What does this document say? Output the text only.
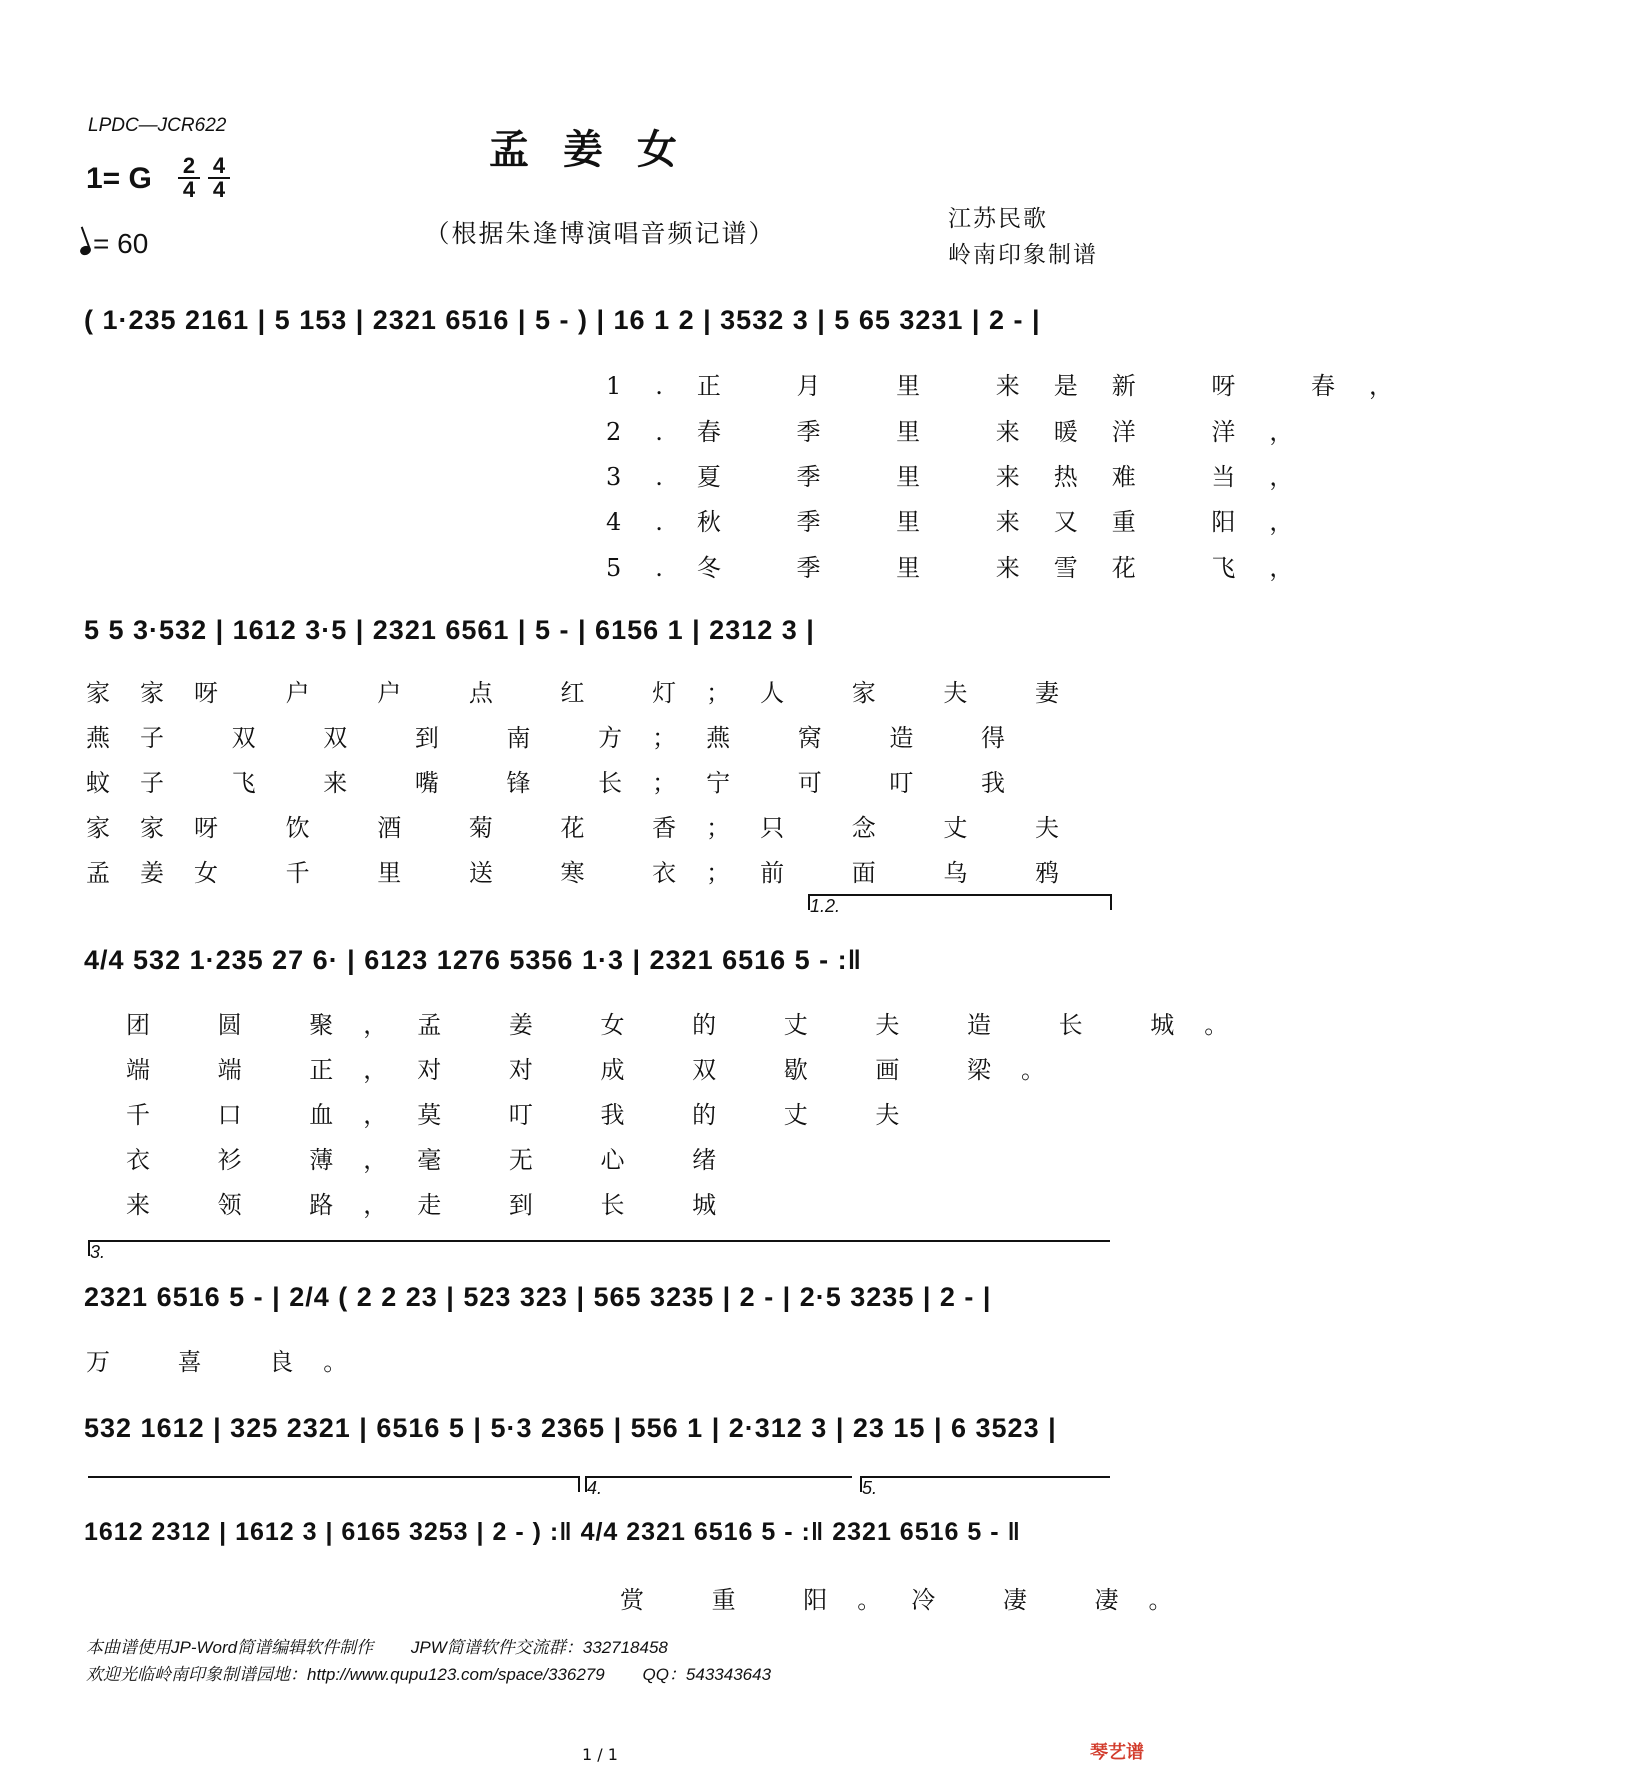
LPDC—JCR622
孟姜女
1= G $\frac{2}{4} \frac{4}{4}$
= 60	（根据朱逢博演唱音频记谱）	江苏民歌
岭南印象制谱
( 1·235 2161 | 5 153 | 2321 6516 | 5 - ) | 16 1 2 | 3532 3 | 5 65 3231 | 2 - |
1.正 月 里 来是新 呀 春，
2.春 季 里 来暖洋 洋，
3.夏 季 里 来热难 当，
4.秋 季 里 来又重 阳，
5.冬 季 里 来雪花 飞，
5 5 3·532 | 1612 3·5 | 2321 6561 | 5 - | 6156 1 | 2312 3 |
家家呀 户 户 点 红 灯；人 家 夫 妻
燕子 双 双 到 南 方；燕 窝 造 得
蚊子 飞 来 嘴 锋 长；宁 可 叮 我
家家呀 饮 酒 菊 花 香；只 念 丈 夫
孟姜女 千 里 送 寒 衣；前 面 乌 鸦
1.2.
4/4 532 1·235 27 6· | 6123 1276 5356 1·3 | 2321 6516 5 - :‖
团 圆 聚，孟 姜 女 的 丈 夫 造 长 城。
端 端 正，对 对 成 双 歇 画 梁。
千 口 血，莫 叮 我 的 丈 夫
衣 衫 薄，毫 无 心 绪
来 领 路，走 到 长 城
3.
2321 6516 5 - | 2/4 ( 2 2 23 | 523 323 | 565 3235 | 2 - | 2·5 3235 | 2 - |
万 喜 良。
532 1612 | 325 2321 | 6516 5 | 5·3 2365 | 556 1 | 2·312 3 | 23 15 | 6 3523 |
4.	5.
1612 2312 | 1612 3 | 6165 3253 | 2 - ) :‖ 4/4 2321 6516 5 - :‖ 2321 6516 5 - ‖
赏 重 阳。冷 凄 凄。
本曲谱使用JP-Word简谱编辑软件制作        JPW简谱软件交流群：332718458
欢迎光临岭南印象制谱园地：http://www.qupu123.com/space/336279        QQ：543343643
1 / 1	琴艺谱
